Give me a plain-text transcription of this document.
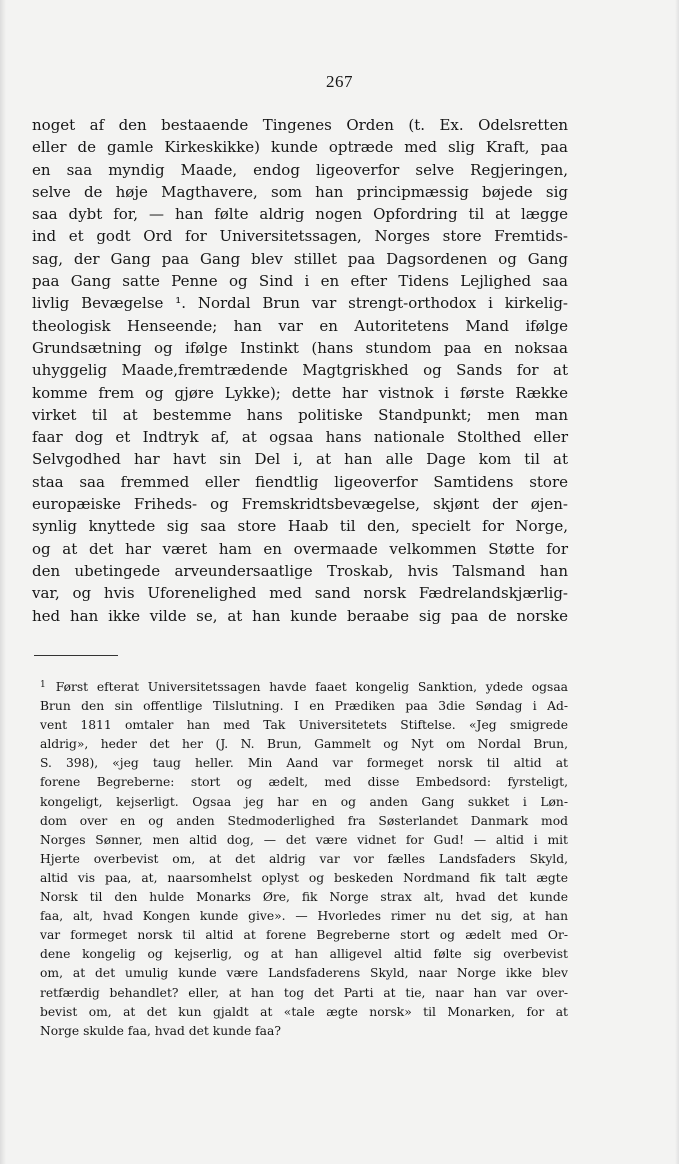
267
noget af den bestaaende Tingenes Orden (t. Ex. Odelsretten
eller de gamle Kirkeskikke) kunde optræde med slig Kraft, paa
en saa myndig Maade, endog ligeoverfor selve Regjeringen,
selve de høje Magthavere, som han principmæssig bøjede sig
saa dybt for, — han følte aldrig nogen Opfordring til at lægge
ind et godt Ord for Universitetssagen, Norges store Fremtids-
sag, der Gang paa Gang blev stillet paa Dagsordenen og Gang
paa Gang satte Penne og Sind i en efter Tidens Lejlighed saa
livlig Bevægelse ¹. Nordal Brun var strengt-orthodox i kirkelig-
theologisk Henseende; han var en Autoritetens Mand ifølge
Grundsætning og ifølge Instinkt (hans stundom paa en noksaa
uhyggelig Maade,fremtrædende Magtgriskhed og Sands for at
komme frem og gjøre Lykke); dette har vistnok i første Række
virket til at bestemme hans politiske Standpunkt; men man
faar dog et Indtryk af, at ogsaa hans nationale Stolthed eller
Selvgodhed har havt sin Del i, at han alle Dage kom til at
staa saa fremmed eller fiendtlig ligeoverfor Samtidens store
europæiske Friheds- og Fremskridtsbevægelse, skjønt der øjen-
synlig knyttede sig saa store Haab til den, specielt for Norge,
og at det har været ham en overmaade velkommen Støtte for
den ubetingede arveundersaatlige Troskab, hvis Talsmand han
var, og hvis Uforenelighed med sand norsk Fædrelandskjærlig-
hed han ikke vilde se, at han kunde beraabe sig paa de norske
$^1$ Først efterat Universitetssagen havde faaet kongelig Sanktion, ydede ogsaa
Brun den sin offentlige Tilslutning. I en Prædiken paa 3die Søndag i Ad-
vent 1811 omtaler han med Tak Universitetets Stiftelse. «Jeg smigrede
aldrig», heder det her (J. N. Brun, Gammelt og Nyt om Nordal Brun,
S. 398), «jeg taug heller. Min Aand var formeget norsk til altid at
forene Begreberne: stort og ædelt, med disse Embedsord: fyrsteligt,
kongeligt, kejserligt. Ogsaa jeg har en og anden Gang sukket i Løn-
dom over en og anden Stedmoderlighed fra Søsterlandet Danmark mod
Norges Sønner, men altid dog, — det være vidnet for Gud! — altid i mit
Hjerte overbevist om, at det aldrig var vor fælles Landsfaders Skyld,
altid vis paa, at, naarsomhelst oplyst og beskeden Nordmand fik talt ægte
Norsk til den hulde Monarks Øre, fik Norge strax alt, hvad det kunde
faa, alt, hvad Kongen kunde give». — Hvorledes rimer nu det sig, at han
var formeget norsk til altid at forene Begreberne stort og ædelt med Or-
dene kongelig og kejserlig, og at han alligevel altid følte sig overbevist
om, at det umulig kunde være Landsfaderens Skyld, naar Norge ikke blev
retfærdig behandlet? eller, at han tog det Parti at tie, naar han var over-
bevist om, at det kun gjaldt at «tale ægte norsk» til Monarken, for at
Norge skulde faa, hvad det kunde faa?
